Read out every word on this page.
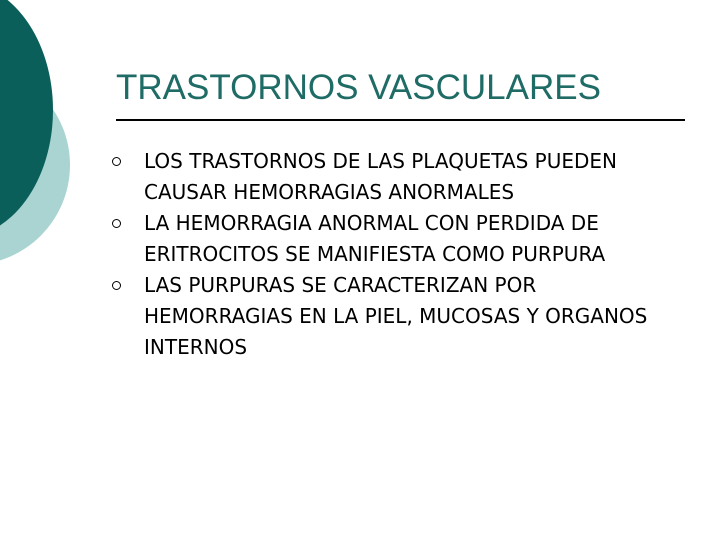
TRASTORNOS VASCULARES
LOS TRASTORNOS DE LAS PLAQUETAS PUEDEN CAUSAR HEMORRAGIAS ANORMALES
LA HEMORRAGIA ANORMAL CON PERDIDA DE ERITROCITOS SE MANIFIESTA COMO PURPURA
LAS PURPURAS SE CARACTERIZAN POR HEMORRAGIAS EN LA PIEL, MUCOSAS Y ORGANOS INTERNOS
